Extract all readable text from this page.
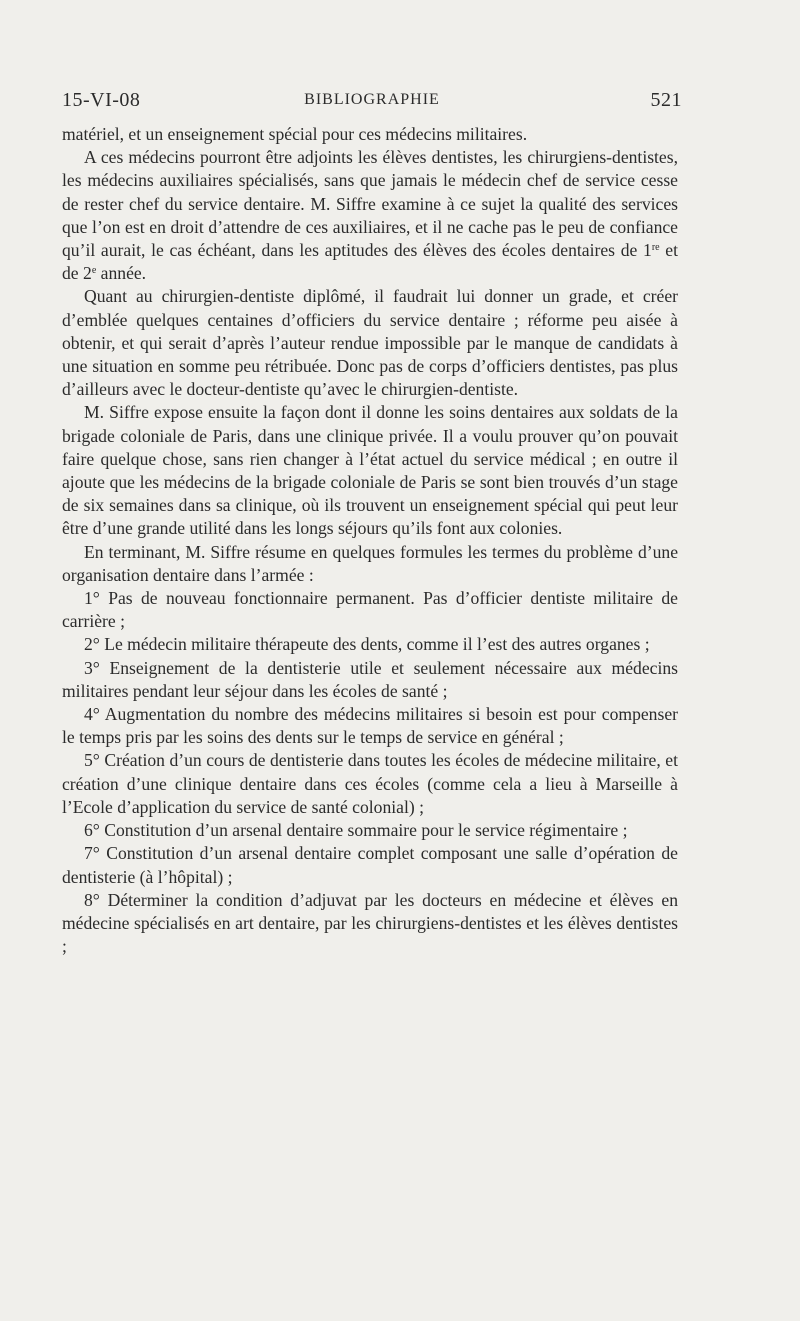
15-VI-08	BIBLIOGRAPHIE	521

matériel, et un enseignement spécial pour ces médecins militaires.

A ces médecins pourront être adjoints les élèves dentistes, les chirurgiens-dentistes, les médecins auxiliaires spécialisés, sans que jamais le médecin chef de service cesse de rester chef du service dentaire. M. Siffre examine à ce sujet la qualité des services que l’on est en droit d’attendre de ces auxiliaires, et il ne cache pas le peu de confiance qu’il aurait, le cas échéant, dans les aptitudes des élèves des écoles dentaires de 1re et de 2e année.

Quant au chirurgien-dentiste diplômé, il faudrait lui donner un grade, et créer d’emblée quelques centaines d’officiers du service dentaire ; réforme peu aisée à obtenir, et qui serait d’après l’auteur rendue impossible par le manque de candidats à une situation en somme peu rétribuée. Donc pas de corps d’officiers dentistes, pas plus d’ailleurs avec le docteur-dentiste qu’avec le chirurgien-dentiste.

M. Siffre expose ensuite la façon dont il donne les soins dentaires aux soldats de la brigade coloniale de Paris, dans une clinique privée. Il a voulu prouver qu’on pouvait faire quelque chose, sans rien changer à l’état actuel du service médical ; en outre il ajoute que les médecins de la brigade coloniale de Paris se sont bien trouvés d’un stage de six semaines dans sa clinique, où ils trouvent un enseignement spécial qui peut leur être d’une grande utilité dans les longs séjours qu’ils font aux colonies.

En terminant, M. Siffre résume en quelques formules les termes du problème d’une organisation dentaire dans l’armée :

1° Pas de nouveau fonctionnaire permanent. Pas d’officier dentiste militaire de carrière ;

2° Le médecin militaire thérapeute des dents, comme il l’est des autres organes ;

3° Enseignement de la dentisterie utile et seulement nécessaire aux médecins militaires pendant leur séjour dans les écoles de santé ;

4° Augmentation du nombre des médecins militaires si besoin est pour compenser le temps pris par les soins des dents sur le temps de service en général ;

5° Création d’un cours de dentisterie dans toutes les écoles de médecine militaire, et création d’une clinique dentaire dans ces écoles (comme cela a lieu à Marseille à l’Ecole d’application du service de santé colonial) ;

6° Constitution d’un arsenal dentaire sommaire pour le service régimentaire ;

7° Constitution d’un arsenal dentaire complet composant une salle d’opération de dentisterie (à l’hôpital) ;

8° Déterminer la condition d’adjuvat par les docteurs en médecine et élèves en médecine spécialisés en art dentaire, par les chirurgiens-dentistes et les élèves dentistes ;
